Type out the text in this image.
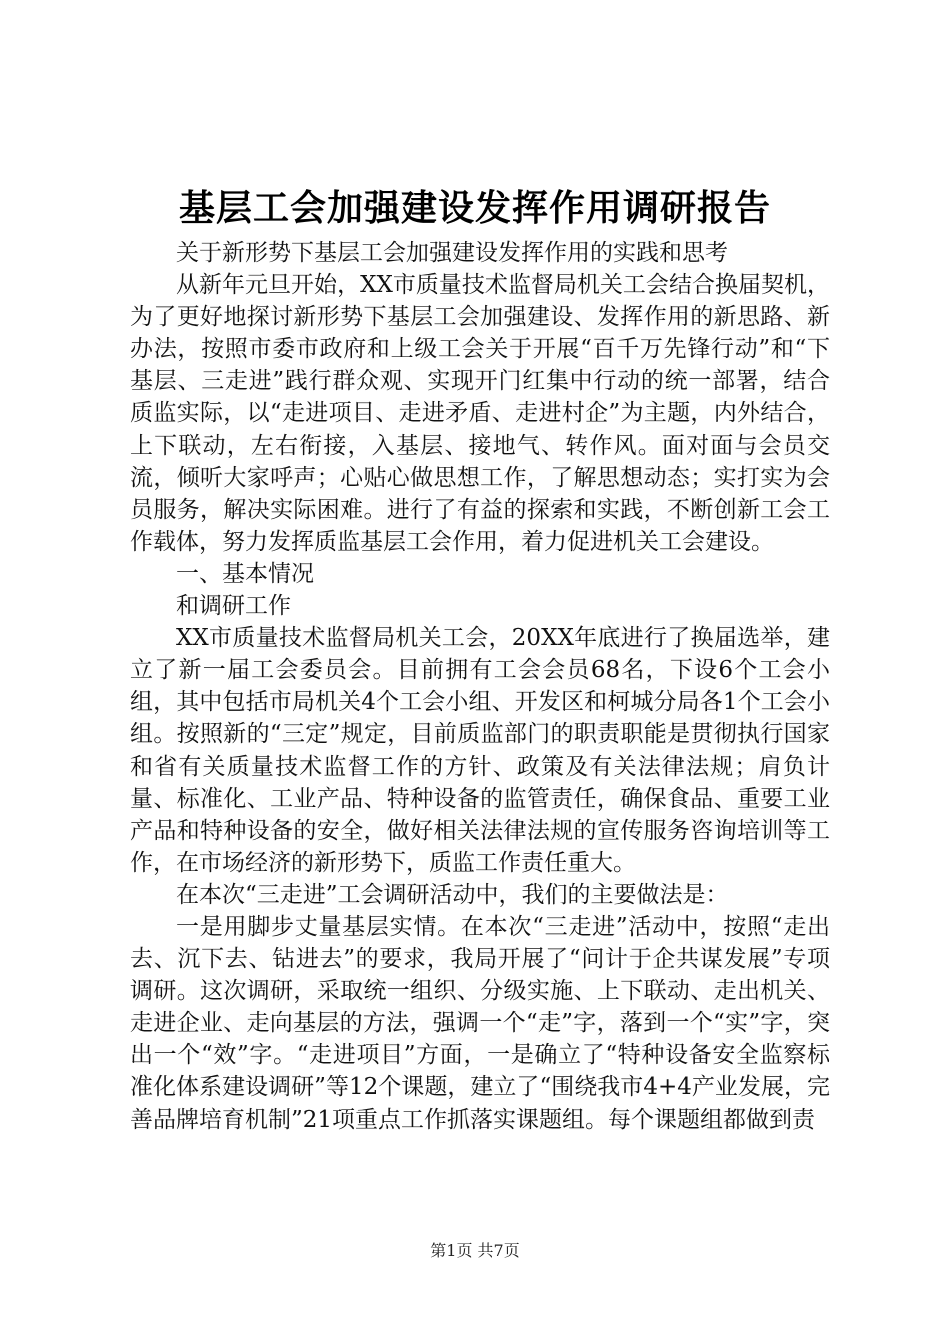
基层工会加强建设发挥作用调研报告

关于新形势下基层工会加强建设发挥作用的实践和思考

从新年元旦开始，XX市质量技术监督局机关工会结合换届契机，为了更好地探讨新形势下基层工会加强建设、发挥作用的新思路、新办法，按照市委市政府和上级工会关于开展“百千万先锋行动”和“下基层、三走进”践行群众观、实现开门红集中行动的统一部署，结合质监实际，以“走进项目、走进矛盾、走进村企”为主题，内外结合，上下联动，左右衔接，入基层、接地气、转作风。面对面与会员交流，倾听大家呼声；心贴心做思想工作，了解思想动态；实打实为会员服务，解决实际困难。进行了有益的探索和实践，不断创新工会工作载体，努力发挥质监基层工会作用，着力促进机关工会建设。

一、基本情况

和调研工作

XX市质量技术监督局机关工会，20XX年底进行了换届选举，建立了新一届工会委员会。目前拥有工会会员68名，下设6个工会小组，其中包括市局机关4个工会小组、开发区和柯城分局各1个工会小组。按照新的“三定”规定，目前质监部门的职责职能是贯彻执行国家和省有关质量技术监督工作的方针、政策及有关法律法规；肩负计量、标准化、工业产品、特种设备的监管责任，确保食品、重要工业产品和特种设备的安全，做好相关法律法规的宣传服务咨询培训等工作，在市场经济的新形势下，质监工作责任重大。

在本次“三走进”工会调研活动中，我们的主要做法是：

一是用脚步丈量基层实情。在本次“三走进”活动中，按照“走出去、沉下去、钻进去”的要求，我局开展了“问计于企共谋发展”专项调研。这次调研，采取统一组织、分级实施、上下联动、走出机关、走进企业、走向基层的方法，强调一个“走”字，落到一个“实”字，突出一个“效”字。“走进项目”方面，一是确立了“特种设备安全监察标准化体系建设调研”等12个课题，建立了“围绕我市4+4产业发展，完善品牌培育机制”21项重点工作抓落实课题组。每个课题组都做到责

第1页 共7页
